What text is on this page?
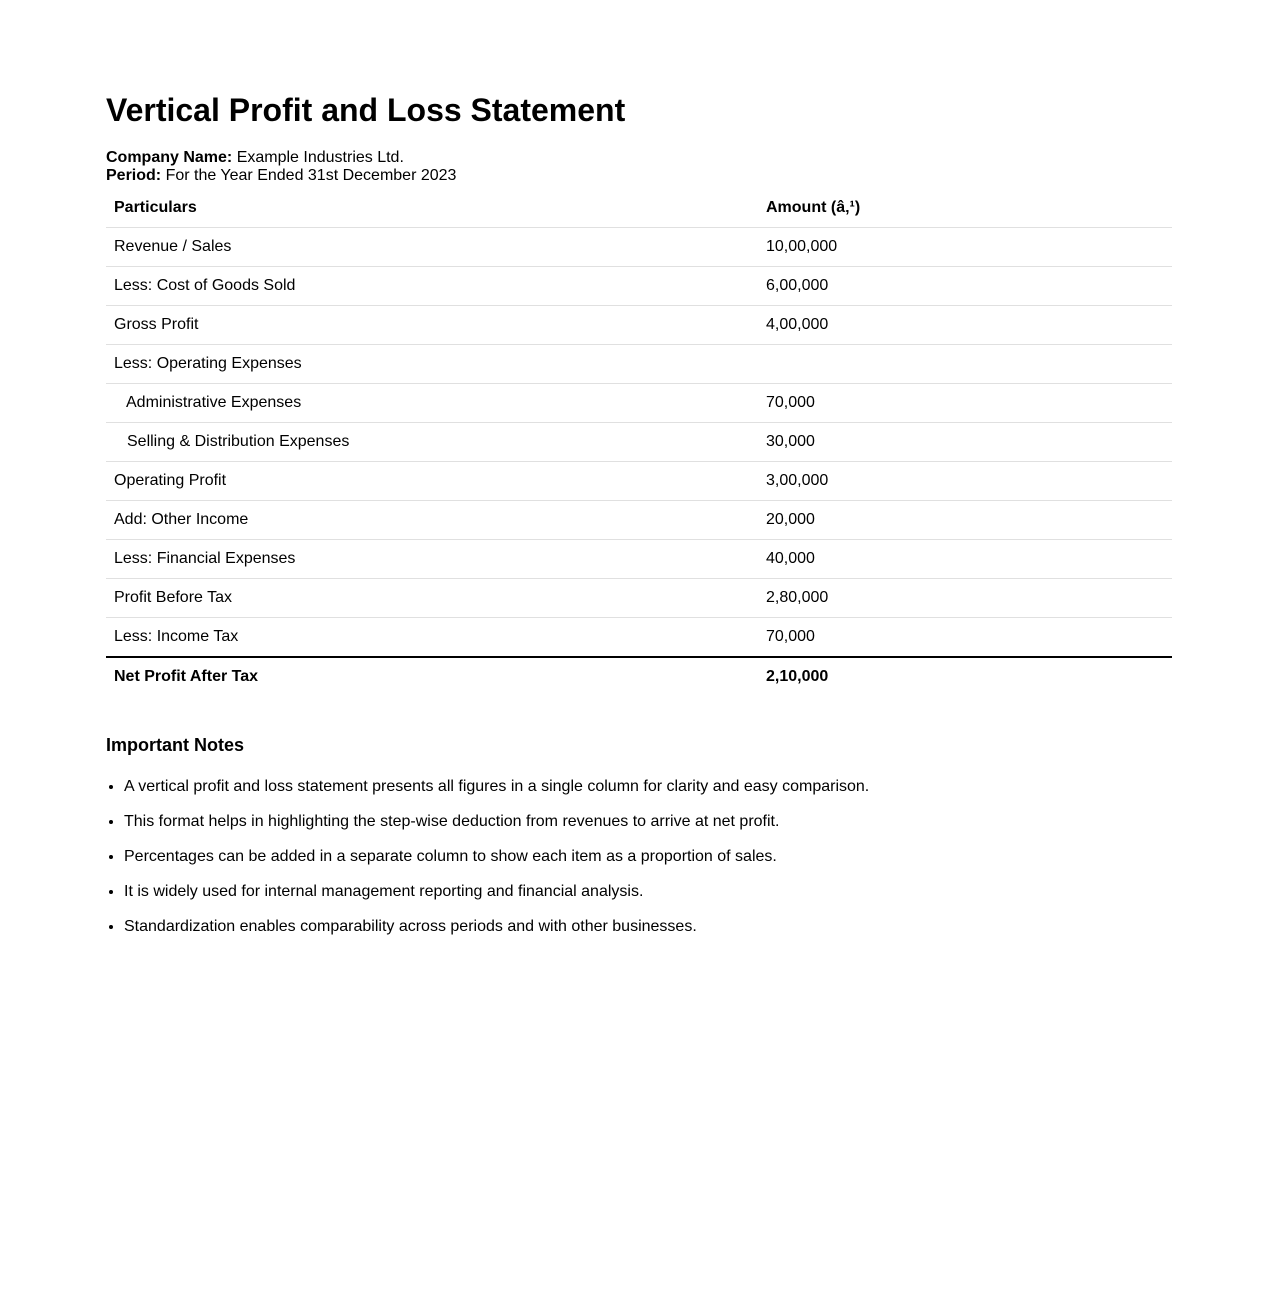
Vertical Profit and Loss Statement
Company Name: Example Industries Ltd.
Period: For the Year Ended 31st December 2023
Particulars	Amount (â‚¹)
Revenue / Sales	10,00,000
Less: Cost of Goods Sold	6,00,000
Gross Profit	4,00,000
Less: Operating Expenses	
Administrative Expenses	70,000
Selling & Distribution Expenses	30,000
Operating Profit	3,00,000
Add: Other Income	20,000
Less: Financial Expenses	40,000
Profit Before Tax	2,80,000
Less: Income Tax	70,000
Net Profit After Tax	2,10,000
Important Notes
• A vertical profit and loss statement presents all figures in a single column for clarity and easy comparison.
• This format helps in highlighting the step-wise deduction from revenues to arrive at net profit.
• Percentages can be added in a separate column to show each item as a proportion of sales.
• It is widely used for internal management reporting and financial analysis.
• Standardization enables comparability across periods and with other businesses.
